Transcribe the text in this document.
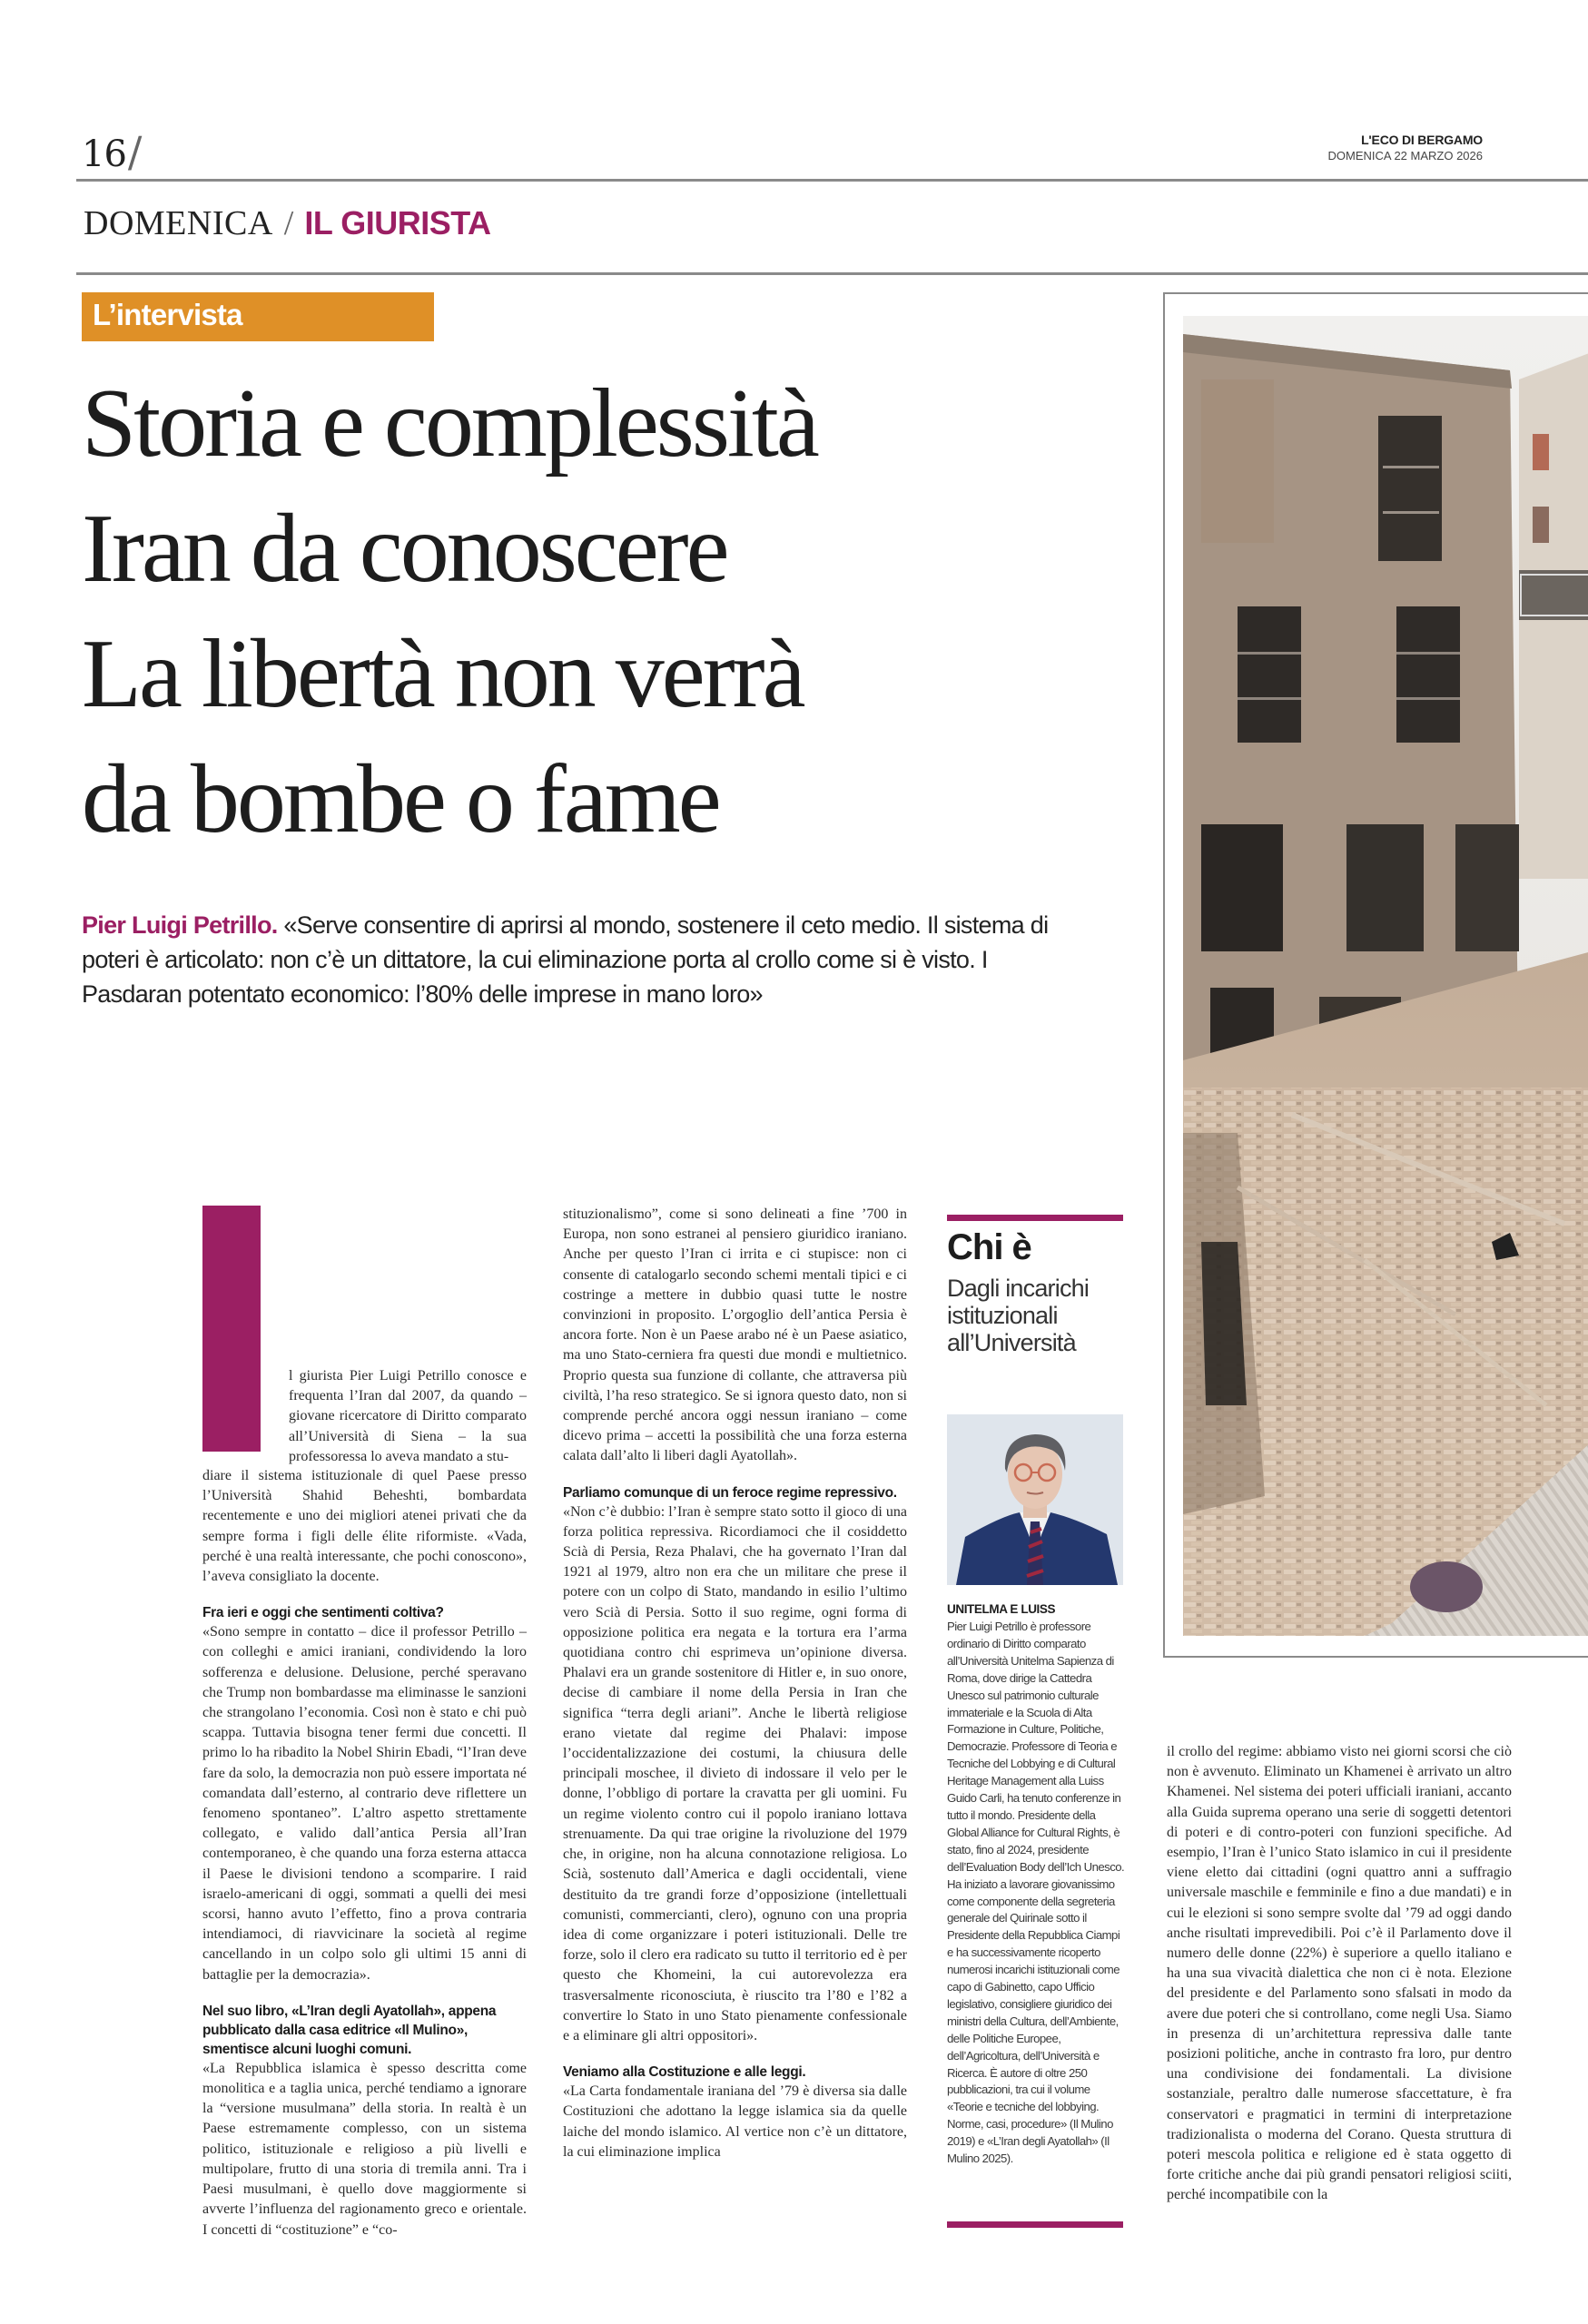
16/	L'ECO DI BERGAMO
DOMENICA 22 MARZO 2026
DOMENICA / IL GIURISTA
L’intervista
Storia e complessità
Iran da conoscere
La libertà non verrà
da bombe o fame
Pier Luigi Petrillo. «Serve consentire di aprirsi al mondo, sostenere il ceto medio. Il sistema di poteri è articolato: non c’è un dittatore, la cui eliminazione porta al crollo come si è visto. I Pasdaran potentato economico: l’80% delle imprese in mano loro»

l giurista Pier Luigi Petrillo conosce e frequenta l’Iran dal 2007, da quando – giovane ricercatore di Diritto comparato all’Università di Siena – la sua professoressa lo aveva mandato a stu-

diare il sistema istituzionale di quel Paese presso l’Università Shahid Beheshti, bombardata recentemente e uno dei migliori atenei privati che da sempre forma i figli delle élite riformiste. «Vada, perché è una realtà interessante, che pochi conoscono», l’aveva consigliato la docente.

Fra ieri e oggi che sentimenti coltiva?

«Sono sempre in contatto – dice il professor Petrillo – con colleghi e amici iraniani, condividendo la loro sofferenza e delusione. Delusione, perché speravano che Trump non bombardasse ma eliminasse le sanzioni che strangolano l’economia. Così non è stato e chi può scappa. Tuttavia bisogna tener fermi due concetti. Il primo lo ha ribadito la Nobel Shirin Ebadi, “l’Iran deve fare da solo, la democrazia non può essere importata né comandata dall’esterno, al contrario deve riflettere un fenomeno spontaneo”. L’altro aspetto strettamente collegato, e valido dall’antica Persia all’Iran contemporaneo, è che quando una forza esterna attacca il Paese le divisioni tendono a scomparire. I raid israelo-americani di oggi, sommati a quelli dei mesi scorsi, hanno avuto l’effetto, fino a prova contraria intendiamoci, di riavvicinare la società al regime cancellando in un colpo solo gli ultimi 15 anni di battaglie per la democrazia».

Nel suo libro, «L’Iran degli Ayatollah», appena pubblicato dalla casa editrice «Il Mulino», smentisce alcuni luoghi comuni.

«La Repubblica islamica è spesso descritta come monolitica e a taglia unica, perché tendiamo a ignorare la “versione musulmana” della storia. In realtà è un Paese estremamente complesso, con un sistema politico, istituzionale e religioso a più livelli e multipolare, frutto di una storia di tremila anni. Tra i Paesi musulmani, è quello dove maggiormente si avverte l’influenza del ragionamento greco e orientale. I concetti di “costituzione” e “co-

stituzionalismo”, come si sono delineati a fine ’700 in Europa, non sono estranei al pensiero giuridico iraniano. Anche per questo l’Iran ci irrita e ci stupisce: non ci consente di catalogarlo secondo schemi mentali tipici e ci costringe a mettere in dubbio quasi tutte le nostre convinzioni in proposito. L’orgoglio dell’antica Persia è ancora forte. Non è un Paese arabo né è un Paese asiatico, ma uno Stato-cerniera fra questi due mondi e multietnico. Proprio questa sua funzione di collante, che attraversa più civiltà, l’ha reso strategico. Se si ignora questo dato, non si comprende perché ancora oggi nessun iraniano – come dicevo prima – accetti la possibilità che una forza esterna calata dall’alto li liberi dagli Ayatollah».

Parliamo comunque di un feroce regime repressivo.

«Non c’è dubbio: l’Iran è sempre stato sotto il gioco di una forza politica repressiva. Ricordiamoci che il cosiddetto Scià di Persia, Reza Phalavi, che ha governato l’Iran dal 1921 al 1979, altro non era che un militare che prese il potere con un colpo di Stato, mandando in esilio l’ultimo vero Scià di Persia. Sotto il suo regime, ogni forma di opposizione politica era negata e la tortura era l’arma quotidiana contro chi esprimeva un’opinione diversa. Phalavi era un grande sostenitore di Hitler e, in suo onore, decise di cambiare il nome della Persia in Iran che significa “terra degli ariani”. Anche le libertà religiose erano vietate dal regime dei Phalavi: impose l’occidentalizzazione dei costumi, la chiusura delle principali moschee, il divieto di indossare il velo per le donne, l’obbligo di portare la cravatta per gli uomini. Fu un regime violento contro cui il popolo iraniano lottava strenuamente. Da qui trae origine la rivoluzione del 1979 che, in origine, non ha alcuna connotazione religiosa. Lo Scià, sostenuto dall’America e dagli occidentali, viene destituito da tre grandi forze d’opposizione (intellettuali comunisti, commercianti, clero), ognuno con una propria idea di come organizzare i poteri istituzionali. Delle tre forze, solo il clero era radicato su tutto il territorio ed è per questo che Khomeini, la cui autorevolezza era trasversalmente riconosciuta, è riuscito tra l’80 e l’82 a convertire lo Stato in uno Stato pienamente confessionale e a eliminare gli altri oppositori».

Veniamo alla Costituzione e alle leggi.

«La Carta fondamentale iraniana del ’79 è diversa sia dalle Costituzioni che adottano la legge islamica sia da quelle laiche del mondo islamico. Al vertice non c’è un dittatore, la cui eliminazione implica

Chi è
Dagli incarichi istituzionali all’Università
UNITELMA E LUISS
Pier Luigi Petrillo è professore ordinario di Diritto comparato all’Università Unitelma Sapienza di Roma, dove dirige la Cattedra Unesco sul patrimonio culturale immateriale e la Scuola di Alta Formazione in Culture, Politiche, Democrazie. Professore di Teoria e Tecniche del Lobbying e di Cultural Heritage Management alla Luiss Guido Carli, ha tenuto conferenze in tutto il mondo. Presidente della Global Alliance for Cultural Rights, è stato, fino al 2024, presidente dell’Evaluation Body dell’Ich Unesco. Ha iniziato a lavorare giovanissimo come componente della segreteria generale del Quirinale sotto il Presidente della Repubblica Ciampi e ha successivamente ricoperto numerosi incarichi istituzionali come capo di Gabinetto, capo Ufficio legislativo, consigliere giuridico dei ministri della Cultura, dell’Ambiente, delle Politiche Europee, dell’Agricoltura, dell’Università e Ricerca. È autore di oltre 250 pubblicazioni, tra cui il volume «Teorie e tecniche del lobbying. Norme, casi, procedure» (Il Mulino 2019) e «L’Iran degli Ayatollah» (Il Mulino 2025).

il crollo del regime: abbiamo visto nei giorni scorsi che ciò non è avvenuto. Eliminato un Khamenei è arrivato un altro Khamenei. Nel sistema dei poteri ufficiali iraniani, accanto alla Guida suprema operano una serie di soggetti detentori di poteri e di contro-poteri con funzioni specifiche. Ad esempio, l’Iran è l’unico Stato islamico in cui il presidente viene eletto dai cittadini (ogni quattro anni a suffragio universale maschile e femminile e fino a due mandati) e in cui le elezioni si sono sempre svolte dal ’79 ad oggi dando anche risultati imprevedibili. Poi c’è il Parlamento dove il numero delle donne (22%) è superiore a quello italiano e ha una sua vivacità dialettica che non ci è nota. Elezione del presidente e del Parlamento sono sfalsati in modo da avere due poteri che si controllano, come negli Usa. Siamo in presenza di un’architettura repressiva dalle tante posizioni politiche, anche in contrasto fra loro, pur dentro una condivisione dei fondamentali. La divisione sostanziale, peraltro dalle numerose sfaccettature, è fra conservatori e pragmatici in termini di interpretazione tradizionalista o moderna del Corano. Questa struttura di poteri mescola politica e religione ed è stata oggetto di forte critiche anche dai più grandi pensatori religiosi sciiti, perché incompatibile con la
